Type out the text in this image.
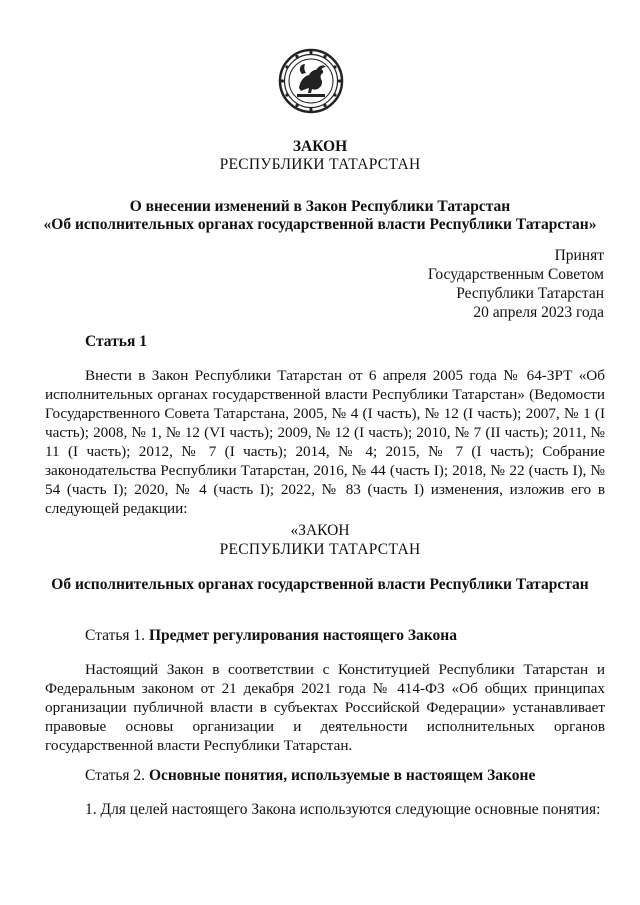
ЗАКОН
РЕСПУБЛИКИ ТАТАРСТАН
О внесении изменений в Закон Республики Татарстан
«Об исполнительных органах государственной власти Республики Татарстан»
Принят
Государственным Советом
Республики Татарстан
20 апреля 2023 года
Статья 1
Внести в Закон Республики Татарстан от 6 апреля 2005 года № 64-ЗРТ «Об исполнительных органах государственной власти Республики Татарстан» (Ведомости Государственного Совета Татарстана, 2005, № 4 (I часть), № 12 (I часть); 2007, № 1 (I часть); 2008, № 1, № 12 (VI часть); 2009, № 12 (I часть); 2010, № 7 (II часть); 2011, № 11 (I часть); 2012, № 7 (I часть); 2014, № 4; 2015, № 7 (I часть); Собрание законодательства Республики Татарстан, 2016, № 44 (часть I); 2018, № 22 (часть I), № 54 (часть I); 2020, № 4 (часть I); 2022, № 83 (часть I) изменения, изложив его в следующей редакции:
«ЗАКОН
РЕСПУБЛИКИ ТАТАРСТАН
Об исполнительных органах государственной власти Республики Татарстан
Статья 1. Предмет регулирования настоящего Закона
Настоящий Закон в соответствии с Конституцией Республики Татарстан и Федеральным законом от 21 декабря 2021 года № 414-ФЗ «Об общих принципах организации публичной власти в субъектах Российской Федерации» устанавливает правовые основы организации и деятельности исполнительных органов государственной власти Республики Татарстан.
Статья 2. Основные понятия, используемые в настоящем Законе
1. Для целей настоящего Закона используются следующие основные понятия:
